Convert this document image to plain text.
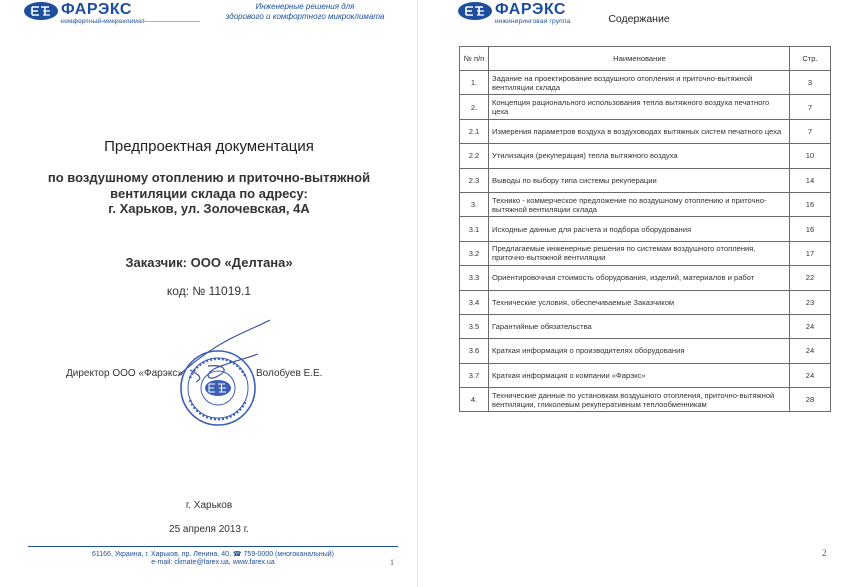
ФАРЭКС	Инженерные решения для
здорового и комфортного микроклимата
Предпроектная документация
по воздушному отоплению и приточно-вытяжной
вентиляции склада по адресу:
г. Харьков, ул. Золочевская, 4А
Заказчик: ООО «Делтана»
код: № 11019.1
Директор ООО «Фарэкс»	Волобуев Е.Е.
г. Харьков
25 апреля 2013 г.
61166, Украина, г. Харьков, пр. Ленина, 40, ☎ 759-0000 (многоканальный)
e-mail: climate@farex.ua, www.farex.ua	1
ФАРЭКС
инжиниринговая группа	Содержание
№ п/п	Наименование	Стр.
1.	Задание на проектирование воздушного отопления и приточно-вытяжной вентиляции склада	3
2.	Концепция рационального использования тепла вытяжного воздуха печатного цеха	7
2.1	Измерения параметров воздуха в воздуховодах вытяжных систем печатного цеха	7
2.2	Утилизация (рекуперация) тепла вытяжного воздуха	10
2.3	Выводы по выбору типа системы рекуперации	14
3.	Технико - коммерческое предложение по воздушному отоплению и приточно-вытяжной вентиляции склада	16
3.1	Исходные данные для расчета и подбора оборудования	16
3.2	Предлагаемые инженерные решения по системам воздушного отопления, приточно-вытяжной вентиляции	17
3.3	Ориентировочная стоимость оборудования, изделий, материалов и работ	22
3.4	Технические условия, обеспечиваемые Заказчиком	23
3.5	Гарантийные обязательства	24
3.6	Краткая информация о производителях оборудования	24
3.7	Краткая информация о компании «Фарэкс»	24
4.	Технические данные по установкам воздушного отопления, приточно-вытяжной вентиляции, гликолевым рекуперативным теплообменникам	28
2
